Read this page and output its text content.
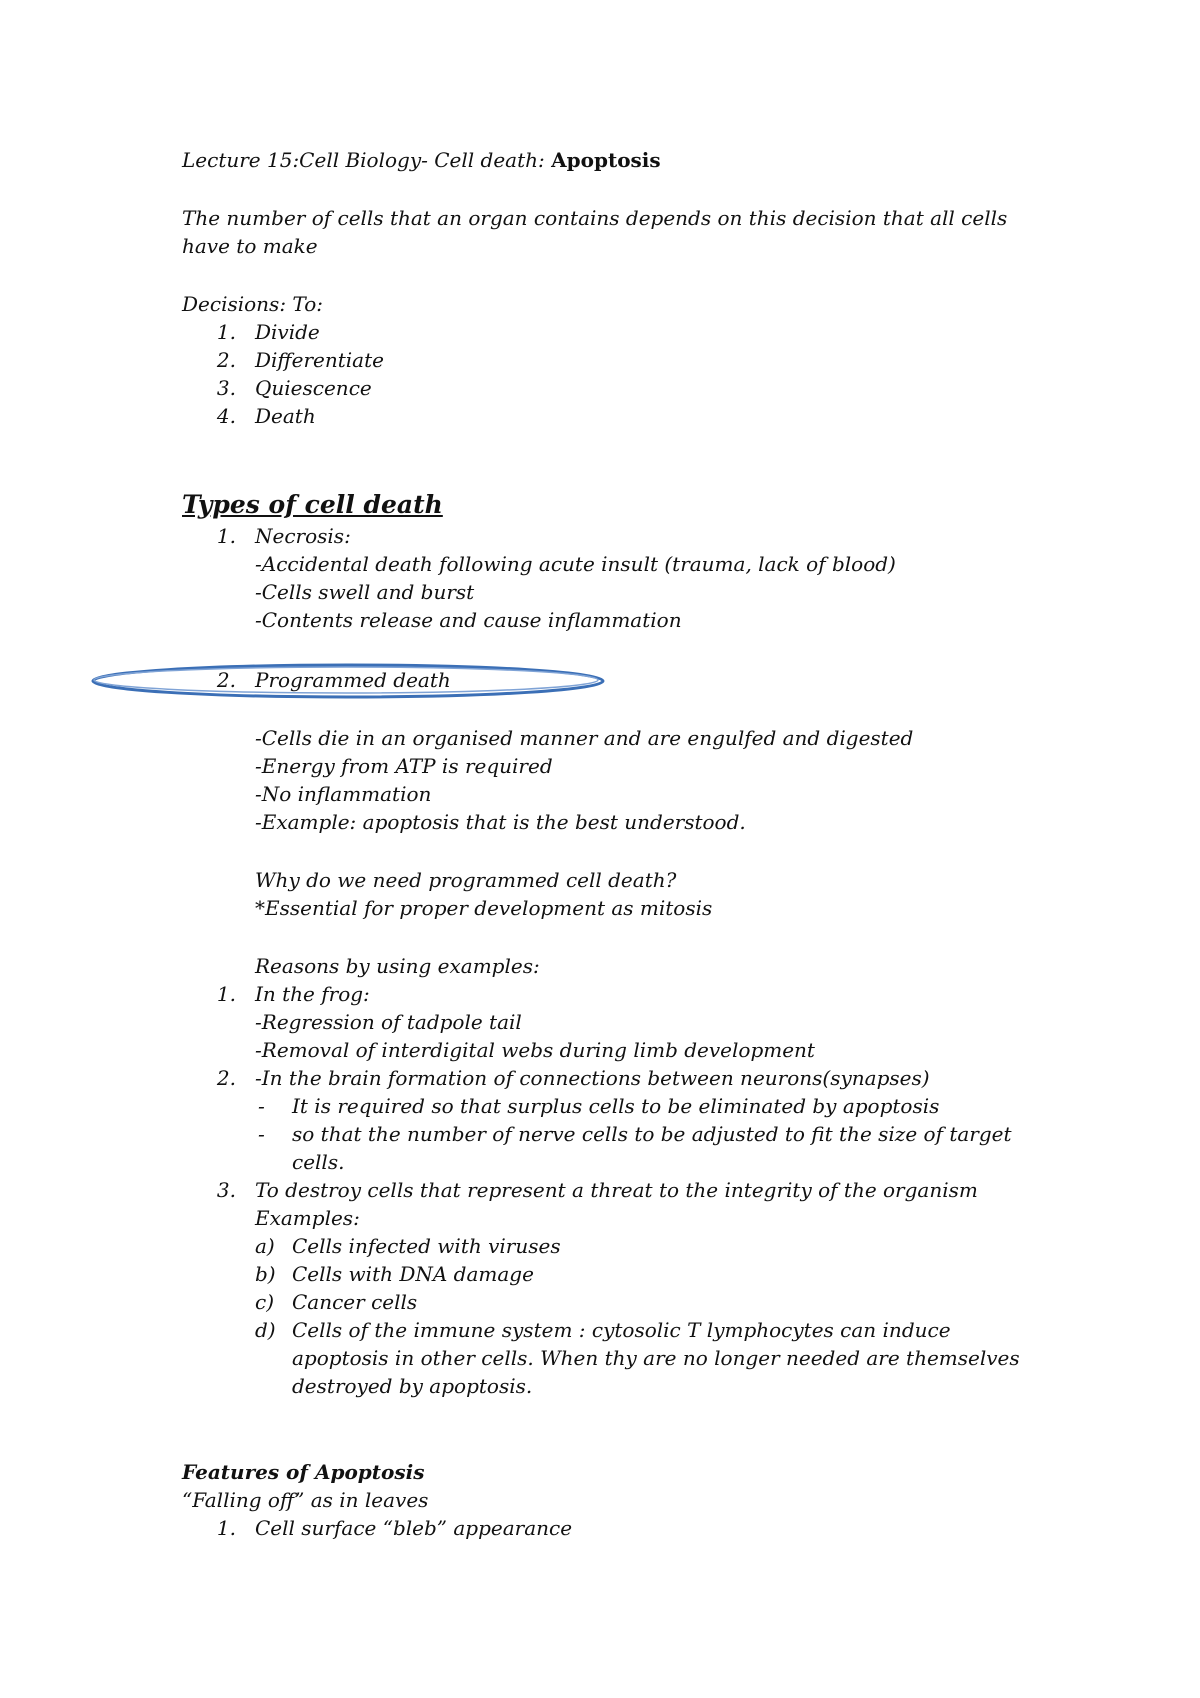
Lecture 15:Cell Biology- Cell death: Apoptosis
The number of cells that an organ contains depends on this decision that all cells
have to make
Decisions: To:
1. Divide
2. Differentiate
3. Quiescence
4. Death
Types of cell death
1. Necrosis:
-Accidental death following acute insult (trauma, lack of blood)
-Cells swell and burst
-Contents release and cause inflammation
2. Programmed death
-Cells die in an organised manner and are engulfed and digested
-Energy from ATP is required
-No inflammation
-Example: apoptosis that is the best understood.
Why do we need programmed cell death?
*Essential for proper development as mitosis
Reasons by using examples:
1. In the frog:
-Regression of tadpole tail
-Removal of interdigital webs during limb development
2. -In the brain formation of connections between neurons(synapses)
- It is required so that surplus cells to be eliminated by apoptosis
- so that the number of nerve cells to be adjusted to fit the size of target
cells.
3. To destroy cells that represent a threat to the integrity of the organism
Examples:
a) Cells infected with viruses
b) Cells with DNA damage
c) Cancer cells
d) Cells of the immune system : cytosolic T lymphocytes can induce
apoptosis in other cells. When thy are no longer needed are themselves
destroyed by apoptosis.
Features of Apoptosis
“Falling off” as in leaves
1. Cell surface “bleb” appearance
